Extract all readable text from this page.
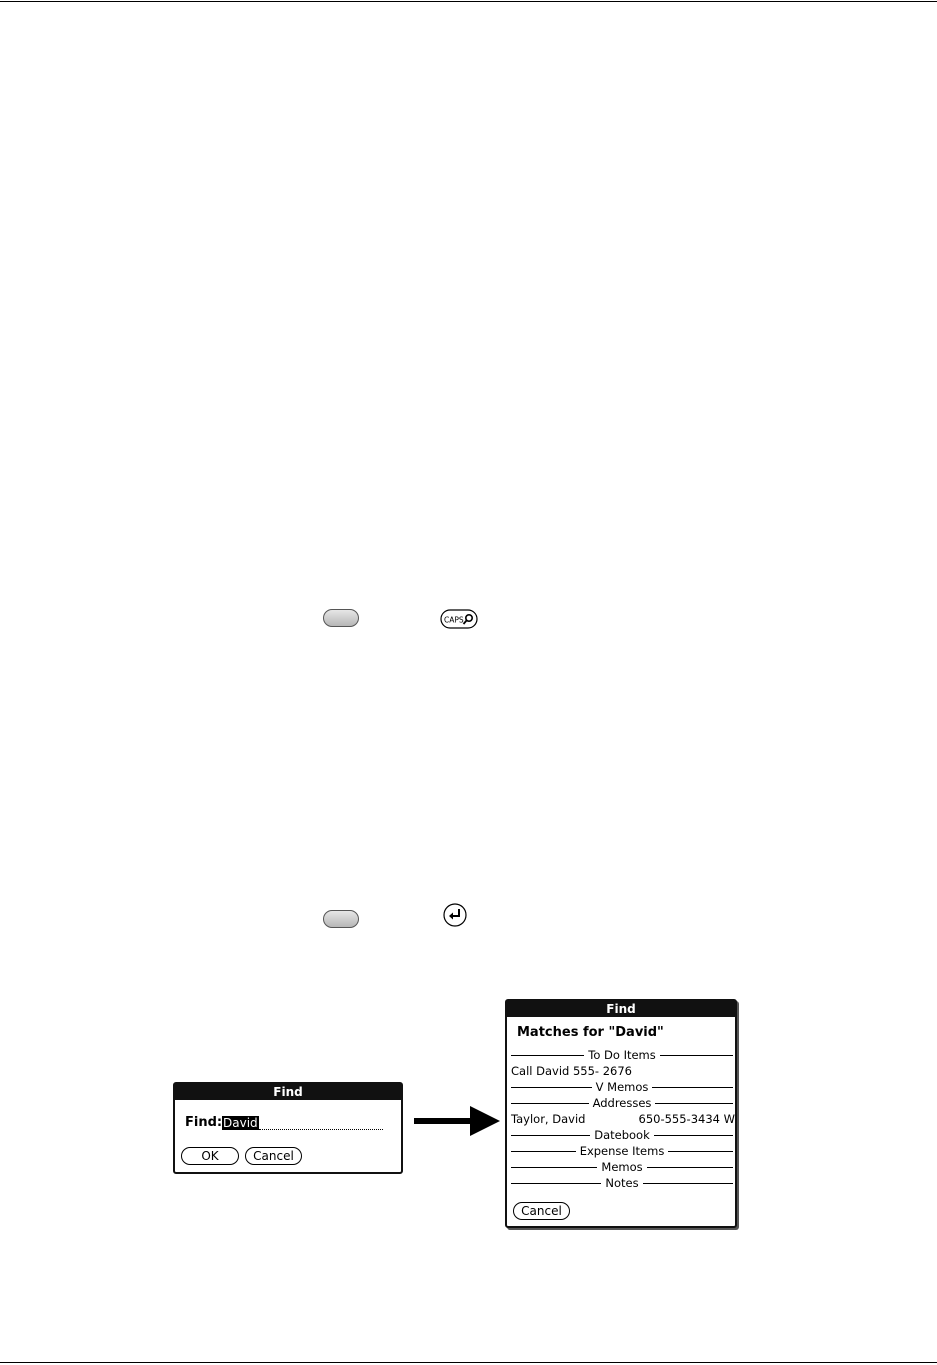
CAPS
Find
Find: David
OK	Cancel
Find
Matches for "David"
To Do Items
Call David 555- 2676
V Memos
Addresses
Taylor, David	650-555-3434 W
Datebook
Expense Items
Memos
Notes
Cancel
